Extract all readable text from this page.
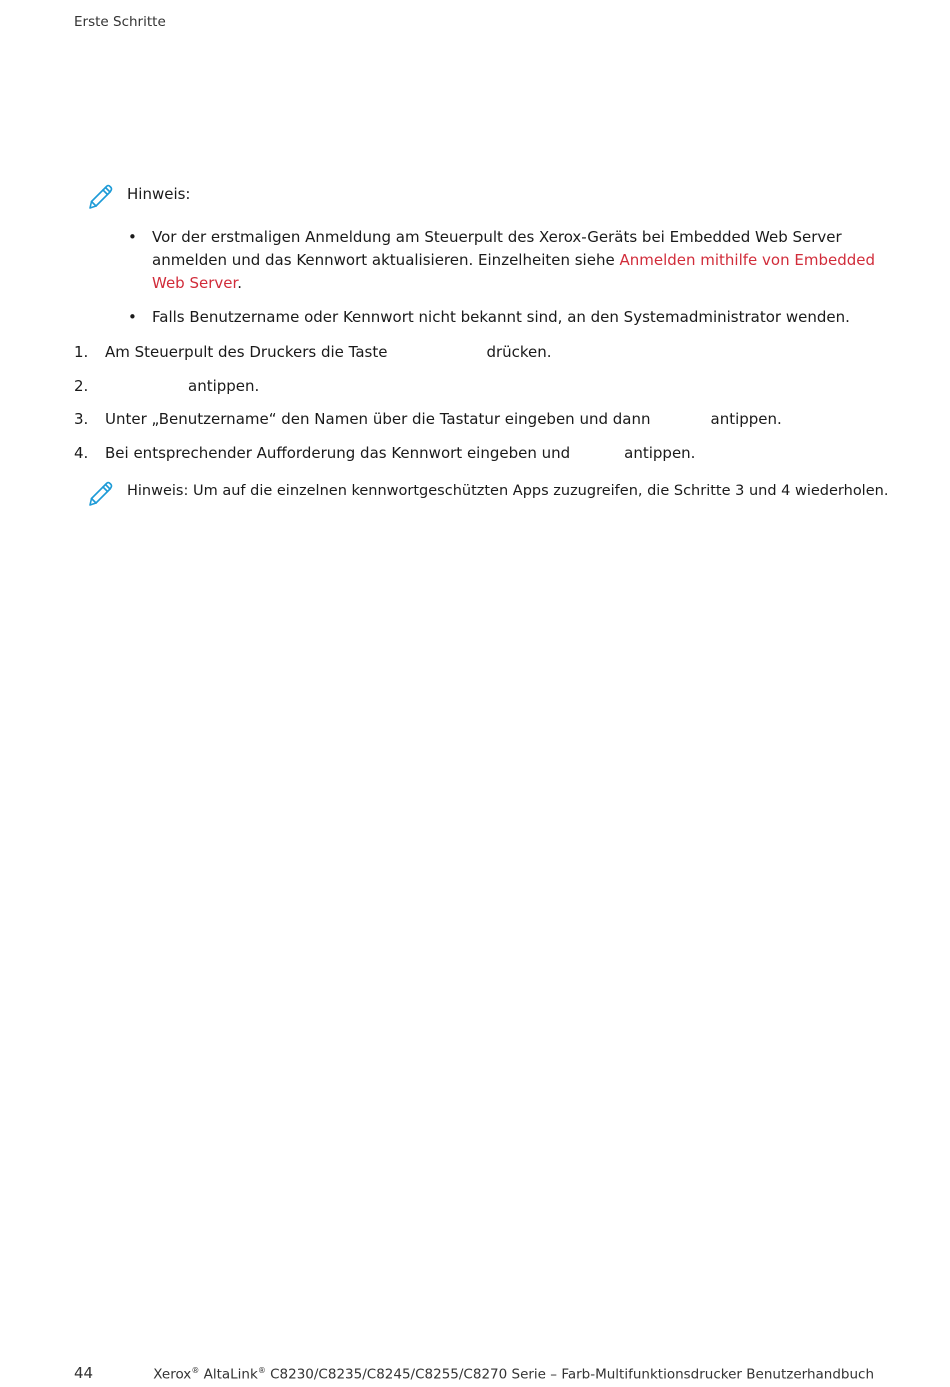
Erste Schritte
Hinweis:
•	Vor der erstmaligen Anmeldung am Steuerpult des Xerox-Geräts bei Embedded Web Server anmelden und das Kennwort aktualisieren. Einzelheiten siehe Anmelden mithilfe von Embedded Web Server.
•	Falls Benutzername oder Kennwort nicht bekannt sind, an den Systemadministrator wenden.
1. Am Steuerpult des Druckers die Taste	drücken.
2.	antippen.
3. Unter „Benutzername“ den Namen über die Tastatur eingeben und dann	antippen.
4. Bei entsprechender Aufforderung das Kennwort eingeben und	antippen.
Hinweis: Um auf die einzelnen kennwortgeschützten Apps zuzugreifen, die Schritte 3 und 4 wiederholen.
44	Xerox® AltaLink® C8230/C8235/C8245/C8255/C8270 Serie – Farb-Multifunktionsdrucker Benutzerhandbuch
